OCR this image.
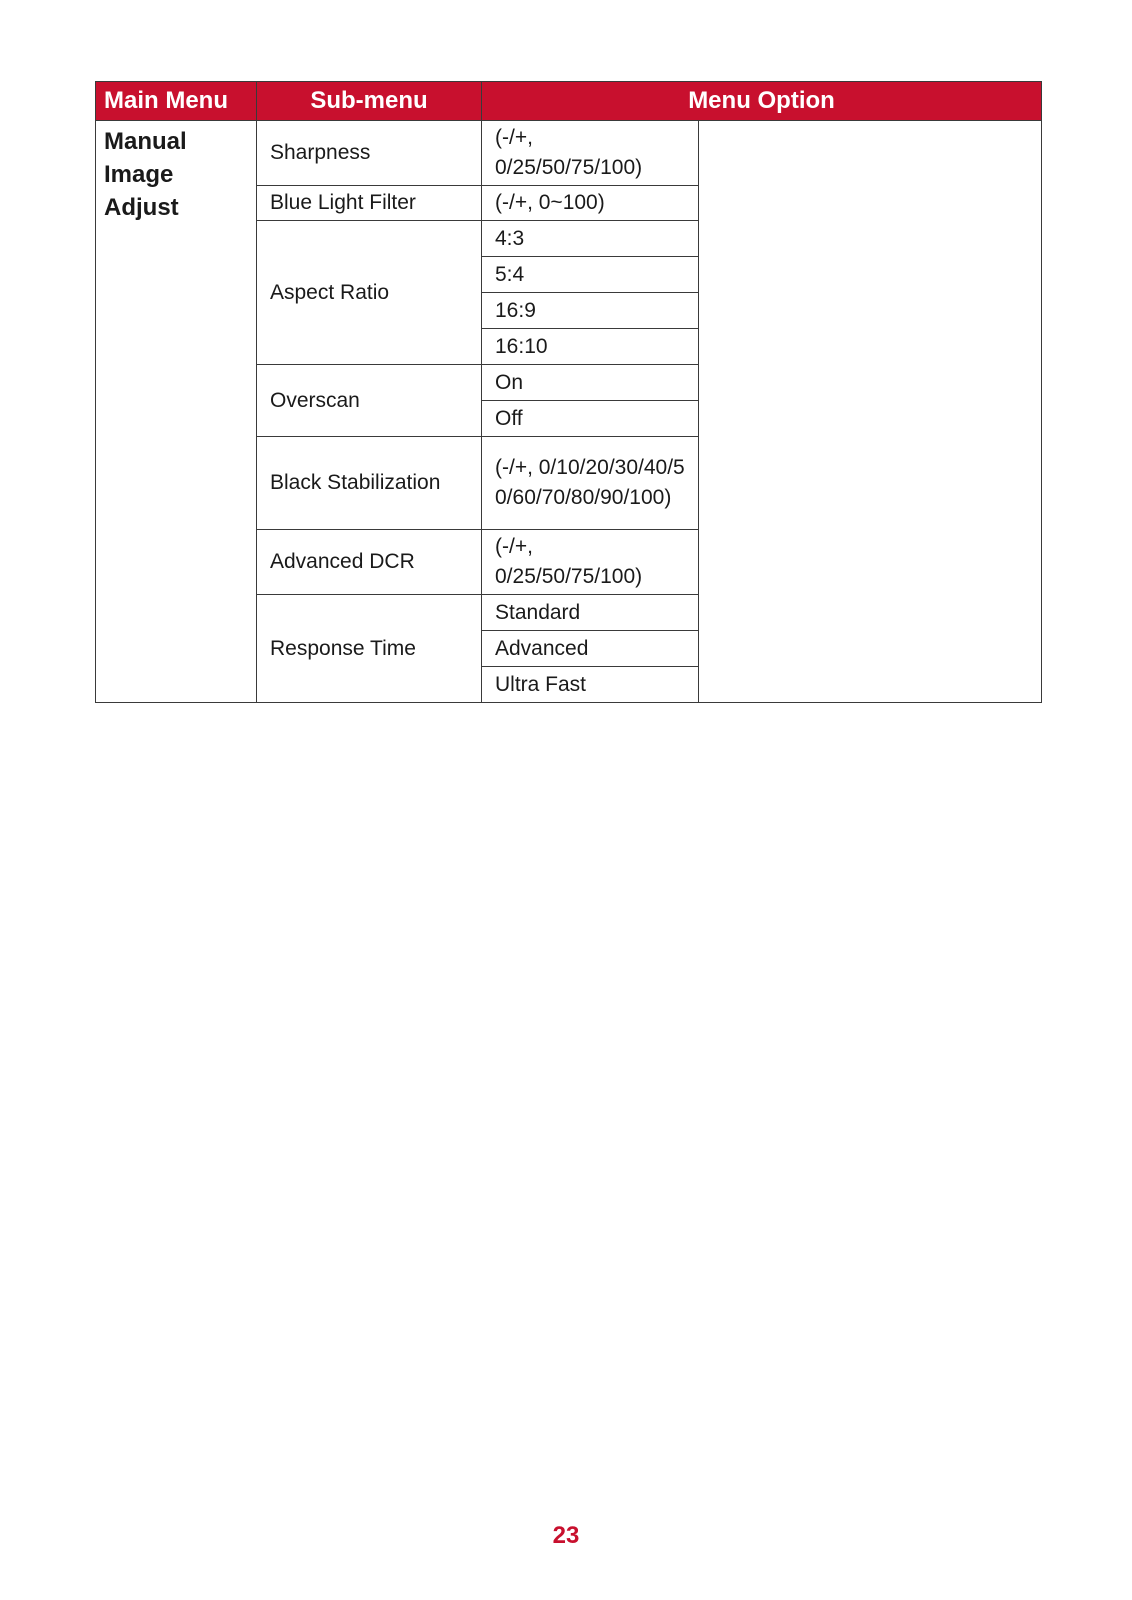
Main Menu	Sub-menu	Menu Option	
Manual Image Adjust	Sharpness	(-/+, 0/25/50/75/100)	
	Blue Light Filter	(-/+, 0~100)	
	Aspect Ratio	4:3	
		5:4	
		16:9	
		16:10	
	Overscan	On	
		Off	
	Black Stabilization	(-/+, 0/10/20/30/40/50/60/70/80/90/100)	
	Advanced DCR	(-/+, 0/25/50/75/100)	
	Response Time	Standard	
		Advanced	
		Ultra Fast	
23
